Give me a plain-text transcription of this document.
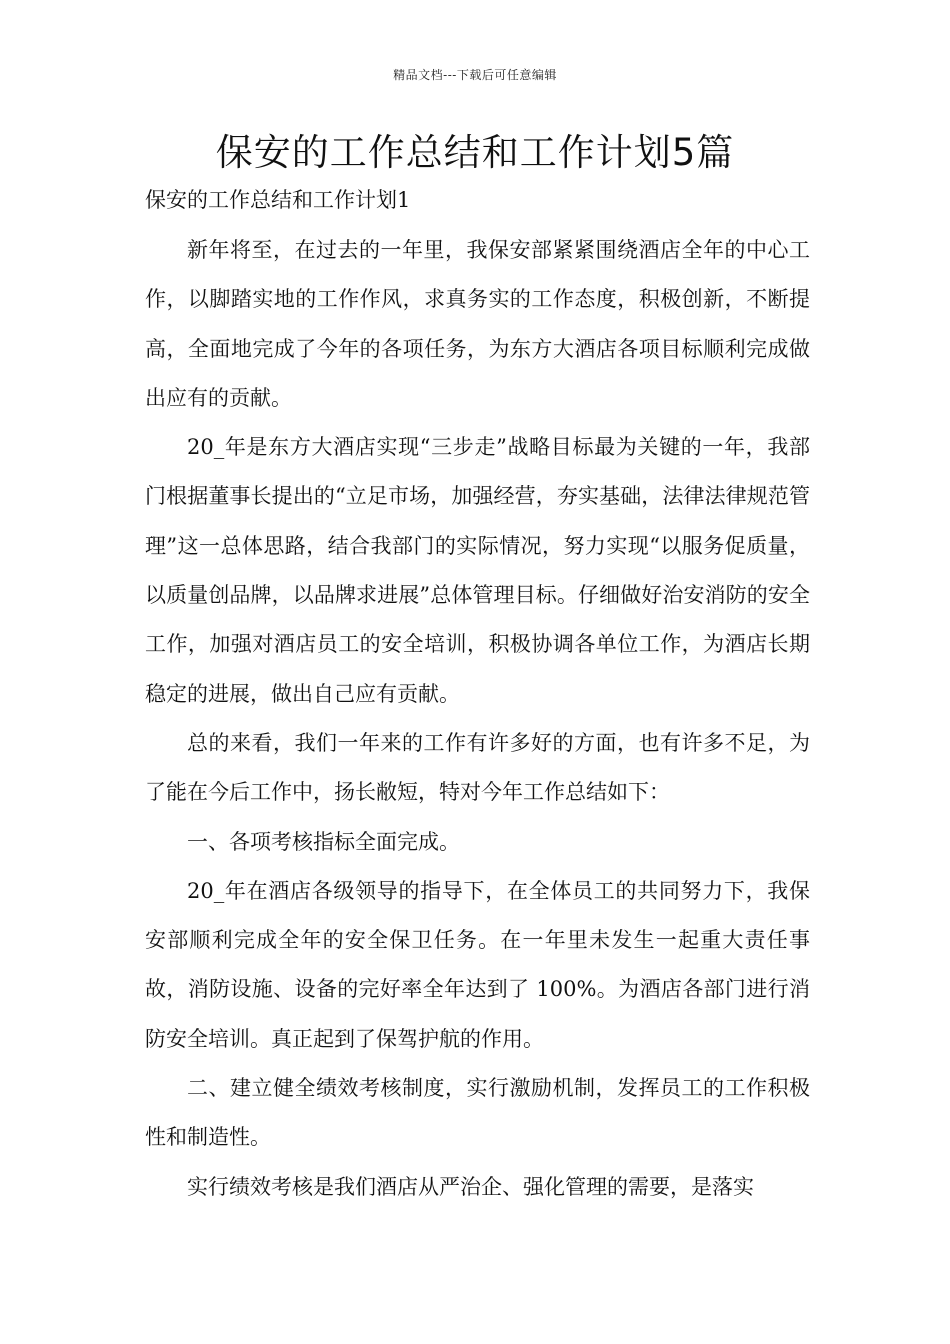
精品文档---下载后可任意编辑
保安的工作总结和工作计划5篇

保安的工作总结和工作计划1

新年将至，在过去的一年里，我保安部紧紧围绕酒店全年的中心工作，以脚踏实地的工作作风，求真务实的工作态度，积极创新，不断提高，全面地完成了今年的各项任务，为东方大酒店各项目标顺利完成做出应有的贡献。

20_年是东方大酒店实现“三步走”战略目标最为关键的一年，我部门根据董事长提出的“立足市场，加强经营，夯实基础，法律法律规范管理”这一总体思路，结合我部门的实际情况，努力实现“以服务促质量，以质量创品牌，以品牌求进展”总体管理目标。仔细做好治安消防的安全工作，加强对酒店员工的安全培训，积极协调各单位工作，为酒店长期稳定的进展，做出自己应有贡献。

总的来看，我们一年来的工作有许多好的方面，也有许多不足，为了能在今后工作中，扬长敝短，特对今年工作总结如下：

一、各项考核指标全面完成。

20_年在酒店各级领导的指导下，在全体员工的共同努力下，我保安部顺利完成全年的安全保卫任务。在一年里未发生一起重大责任事故，消防设施、设备的完好率全年达到了 100%。为酒店各部门进行消防安全培训。真正起到了保驾护航的作用。

二、建立健全绩效考核制度，实行激励机制，发挥员工的工作积极性和制造性。

实行绩效考核是我们酒店从严治企、强化管理的需要，是落实
